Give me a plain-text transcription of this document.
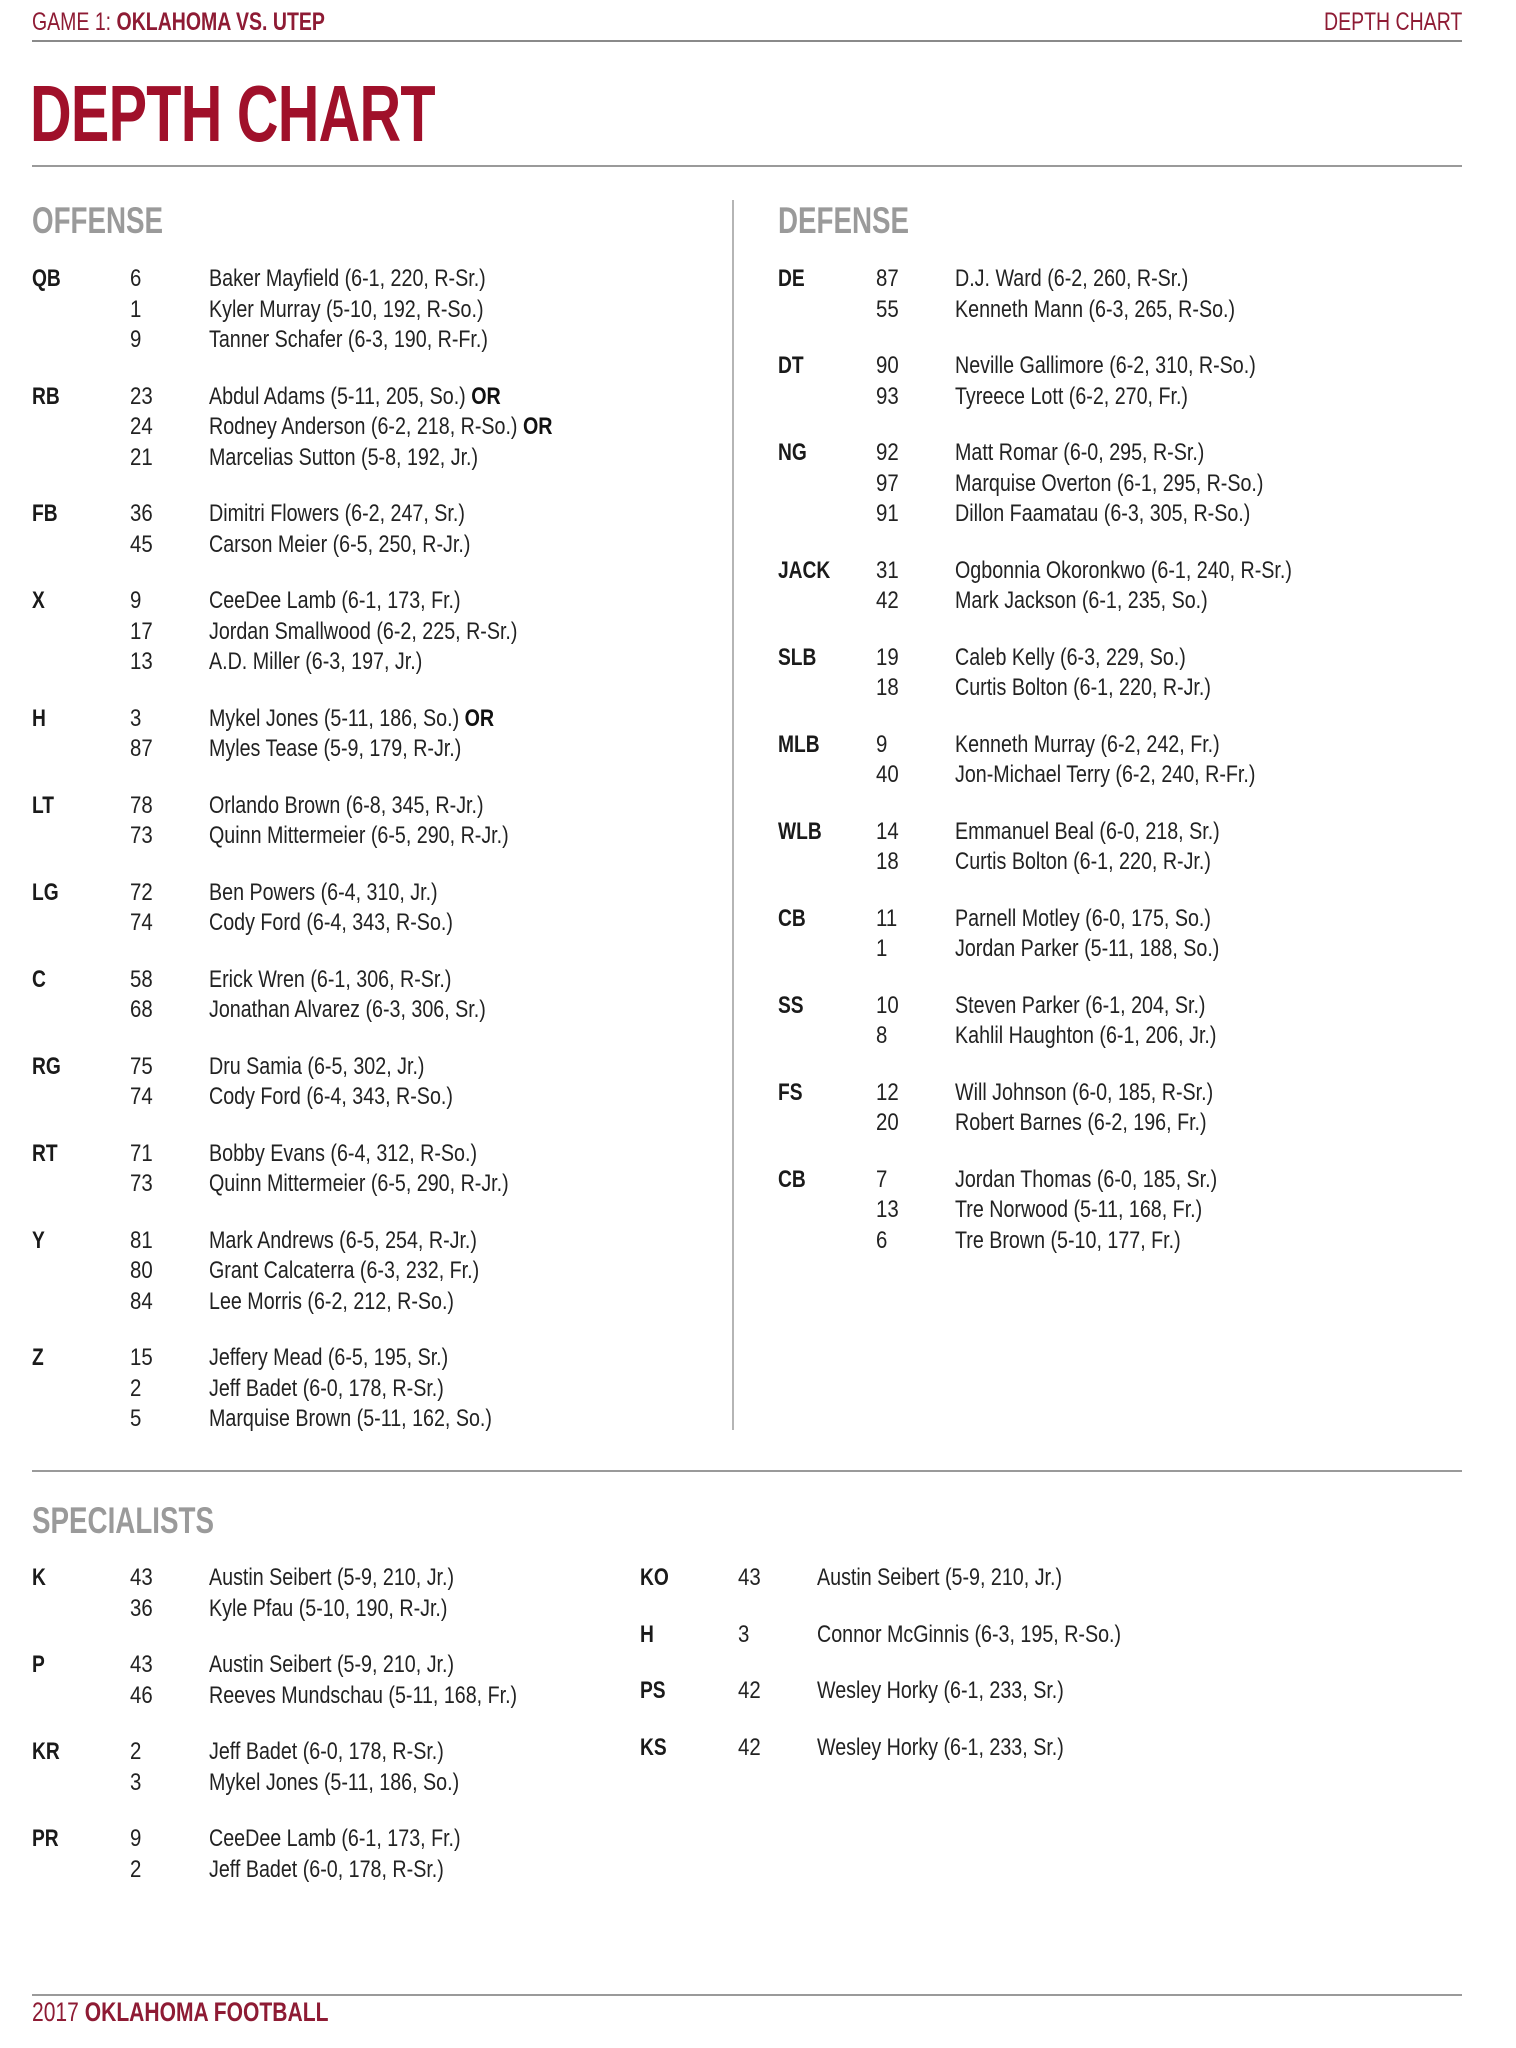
GAME 1: OKLAHOMA VS. UTEP	DEPTH CHART
DEPTH CHART
OFFENSE	DEFENSE
QB	6	Baker Mayfield (6-1, 220, R-Sr.)
1	Kyler Murray (5-10, 192, R-So.)
9	Tanner Schafer (6-3, 190, R-Fr.)
RB	23 Abdul Adams (5-11, 205, So.) OR
24 Rodney Anderson (6-2, 218, R-So.) OR
21 Marcelias Sutton (5-8, 192, Jr.)
FB	36 Dimitri Flowers (6-2, 247, Sr.)
45 Carson Meier (6-5, 250, R-Jr.)
X	9	CeeDee Lamb (6-1, 173, Fr.)
17 Jordan Smallwood (6-2, 225, R-Sr.)
13 A.D. Miller (6-3, 197, Jr.)
H	3	Mykel Jones (5-11, 186, So.) OR
87 Myles Tease (5-9, 179, R-Jr.)
LT	78 Orlando Brown (6-8, 345, R-Jr.)
73 Quinn Mittermeier (6-5, 290, R-Jr.)
LG	72 Ben Powers (6-4, 310, Jr.)
74 Cody Ford (6-4, 343, R-So.)
C	58 Erick Wren (6-1, 306, R-Sr.)
68 Jonathan Alvarez (6-3, 306, Sr.)
RG	75 Dru Samia (6-5, 302, Jr.)
74 Cody Ford (6-4, 343, R-So.)
RT	71 Bobby Evans (6-4, 312, R-So.)
73 Quinn Mittermeier (6-5, 290, R-Jr.)
Y	81 Mark Andrews (6-5, 254, R-Jr.)
80 Grant Calcaterra (6-3, 232, Fr.)
84 Lee Morris (6-2, 212, R-So.)
Z	15 Jeffery Mead (6-5, 195, Sr.)
2	Jeff Badet (6-0, 178, R-Sr.)
5	Marquise Brown (5-11, 162, So.)
DE	87 D.J. Ward (6-2, 260, R-Sr.)
55 Kenneth Mann (6-3, 265, R-So.)
DT	90 Neville Gallimore (6-2, 310, R-So.)
93 Tyreece Lott (6-2, 270, Fr.)
NG	92 Matt Romar (6-0, 295, R-Sr.)
97 Marquise Overton (6-1, 295, R-So.)
91 Dillon Faamatau (6-3, 305, R-So.)
JACK 31 Ogbonnia Okoronkwo (6-1, 240, R-Sr.)
42 Mark Jackson (6-1, 235, So.)
SLB 19 Caleb Kelly (6-3, 229, So.)
18 Curtis Bolton (6-1, 220, R-Jr.)
MLB 9	Kenneth Murray (6-2, 242, Fr.)
40 Jon-Michael Terry (6-2, 240, R-Fr.)
WLB 14 Emmanuel Beal (6-0, 218, Sr.)
18 Curtis Bolton (6-1, 220, R-Jr.)
CB	11 Parnell Motley (6-0, 175, So.)
1	Jordan Parker (5-11, 188, So.)
SS	10 Steven Parker (6-1, 204, Sr.)
8	Kahlil Haughton (6-1, 206, Jr.)
FS	12 Will Johnson (6-0, 185, R-Sr.)
20 Robert Barnes (6-2, 196, Fr.)
CB	7	Jordan Thomas (6-0, 185, Sr.)
13 Tre Norwood (5-11, 168, Fr.)
6	Tre Brown (5-10, 177, Fr.)
SPECIALISTS
K	43 Austin Seibert (5-9, 210, Jr.)
36 Kyle Pfau (5-10, 190, R-Jr.)
P	43 Austin Seibert (5-9, 210, Jr.)
46 Reeves Mundschau (5-11, 168, Fr.)
KR	2	Jeff Badet (6-0, 178, R-Sr.)
3	Mykel Jones (5-11, 186, So.)
PR	9	CeeDee Lamb (6-1, 173, Fr.)
2	Jeff Badet (6-0, 178, R-Sr.)
KO	43 Austin Seibert (5-9, 210, Jr.)
H	3	Connor McGinnis (6-3, 195, R-So.)
PS	42 Wesley Horky (6-1, 233, Sr.)
KS	42 Wesley Horky (6-1, 233, Sr.)
2017 OKLAHOMA FOOTBALL
